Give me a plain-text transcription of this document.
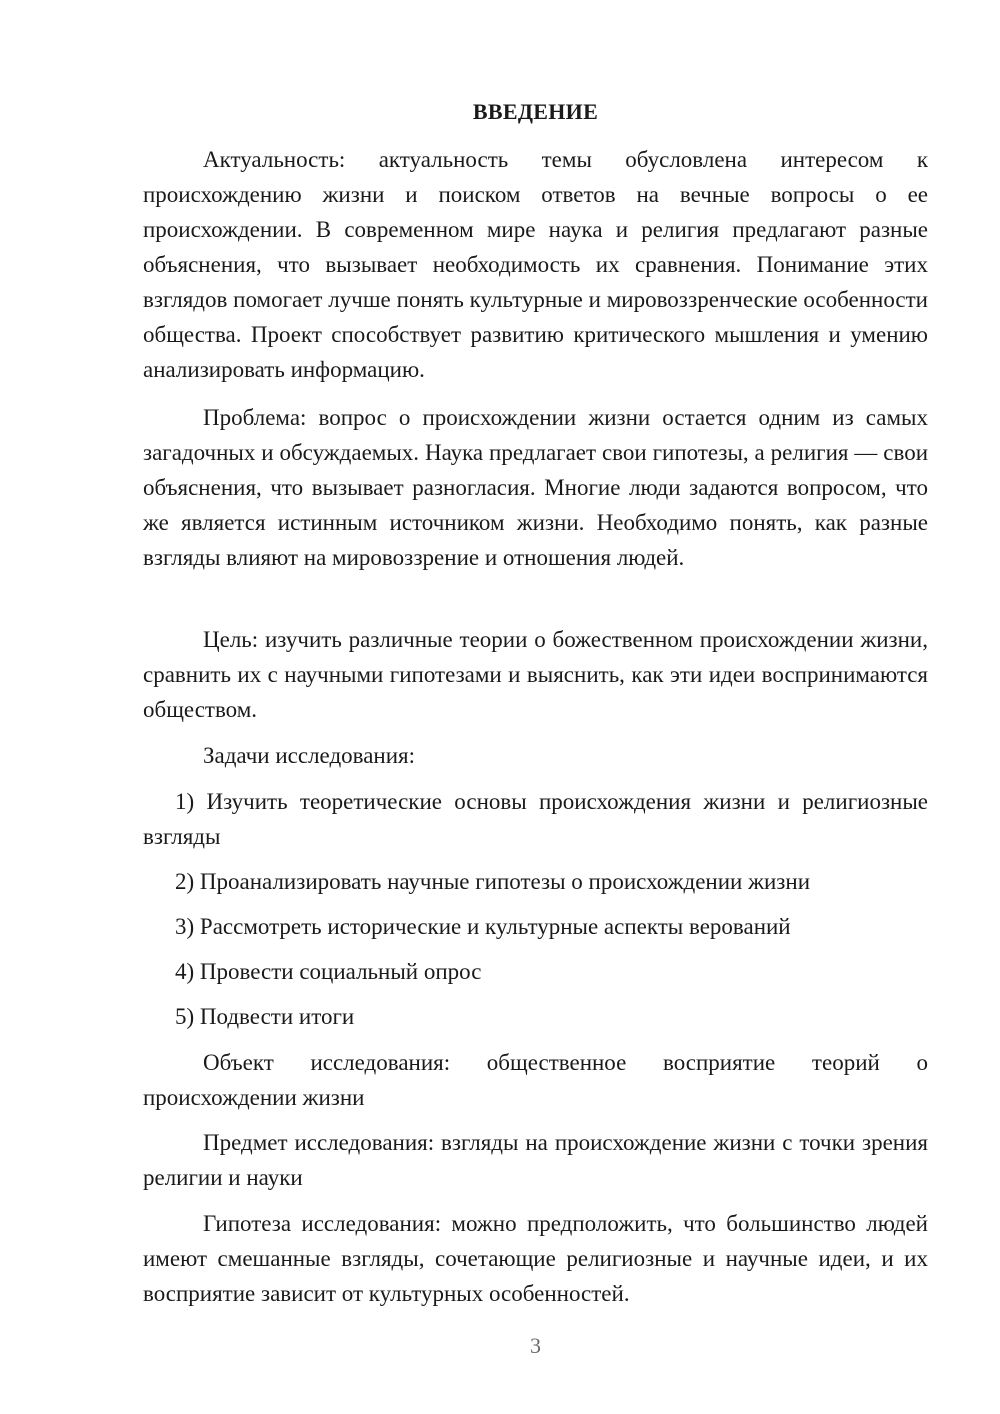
ВВЕДЕНИЕ

Актуальность: актуальность темы обусловлена интересом к происхождению жизни и поиском ответов на вечные вопросы о ее происхождении. В современном мире наука и религия предлагают разные объяснения, что вызывает необходимость их сравнения. Понимание этих взглядов помогает лучше понять культурные и мировоззренческие особенности общества. Проект способствует развитию критического мышления и умению анализировать информацию.

Проблема: вопрос о происхождении жизни остается одним из самых загадочных и обсуждаемых. Наука предлагает свои гипотезы, а религия — свои объяснения, что вызывает разногласия. Многие люди задаются вопросом, что же является истинным источником жизни. Необходимо понять, как разные взгляды влияют на мировоззрение и отношения людей.

Цель: изучить различные теории о божественном происхождении жизни, сравнить их с научными гипотезами и выяснить, как эти идеи воспринимаются обществом.

Задачи исследования:

1) Изучить теоретические основы происхождения жизни и религиозные взгляды

2) Проанализировать научные гипотезы о происхождении жизни

3) Рассмотреть исторические и культурные аспекты верований

4) Провести социальный опрос

5) Подвести итоги

Объект исследования: общественное восприятие теорий о происхождении жизни

Предмет исследования: взгляды на происхождение жизни с точки зрения религии и науки

Гипотеза исследования: можно предположить, что большинство людей имеют смешанные взгляды, сочетающие религиозные и научные идеи, и их восприятие зависит от культурных особенностей.

3
